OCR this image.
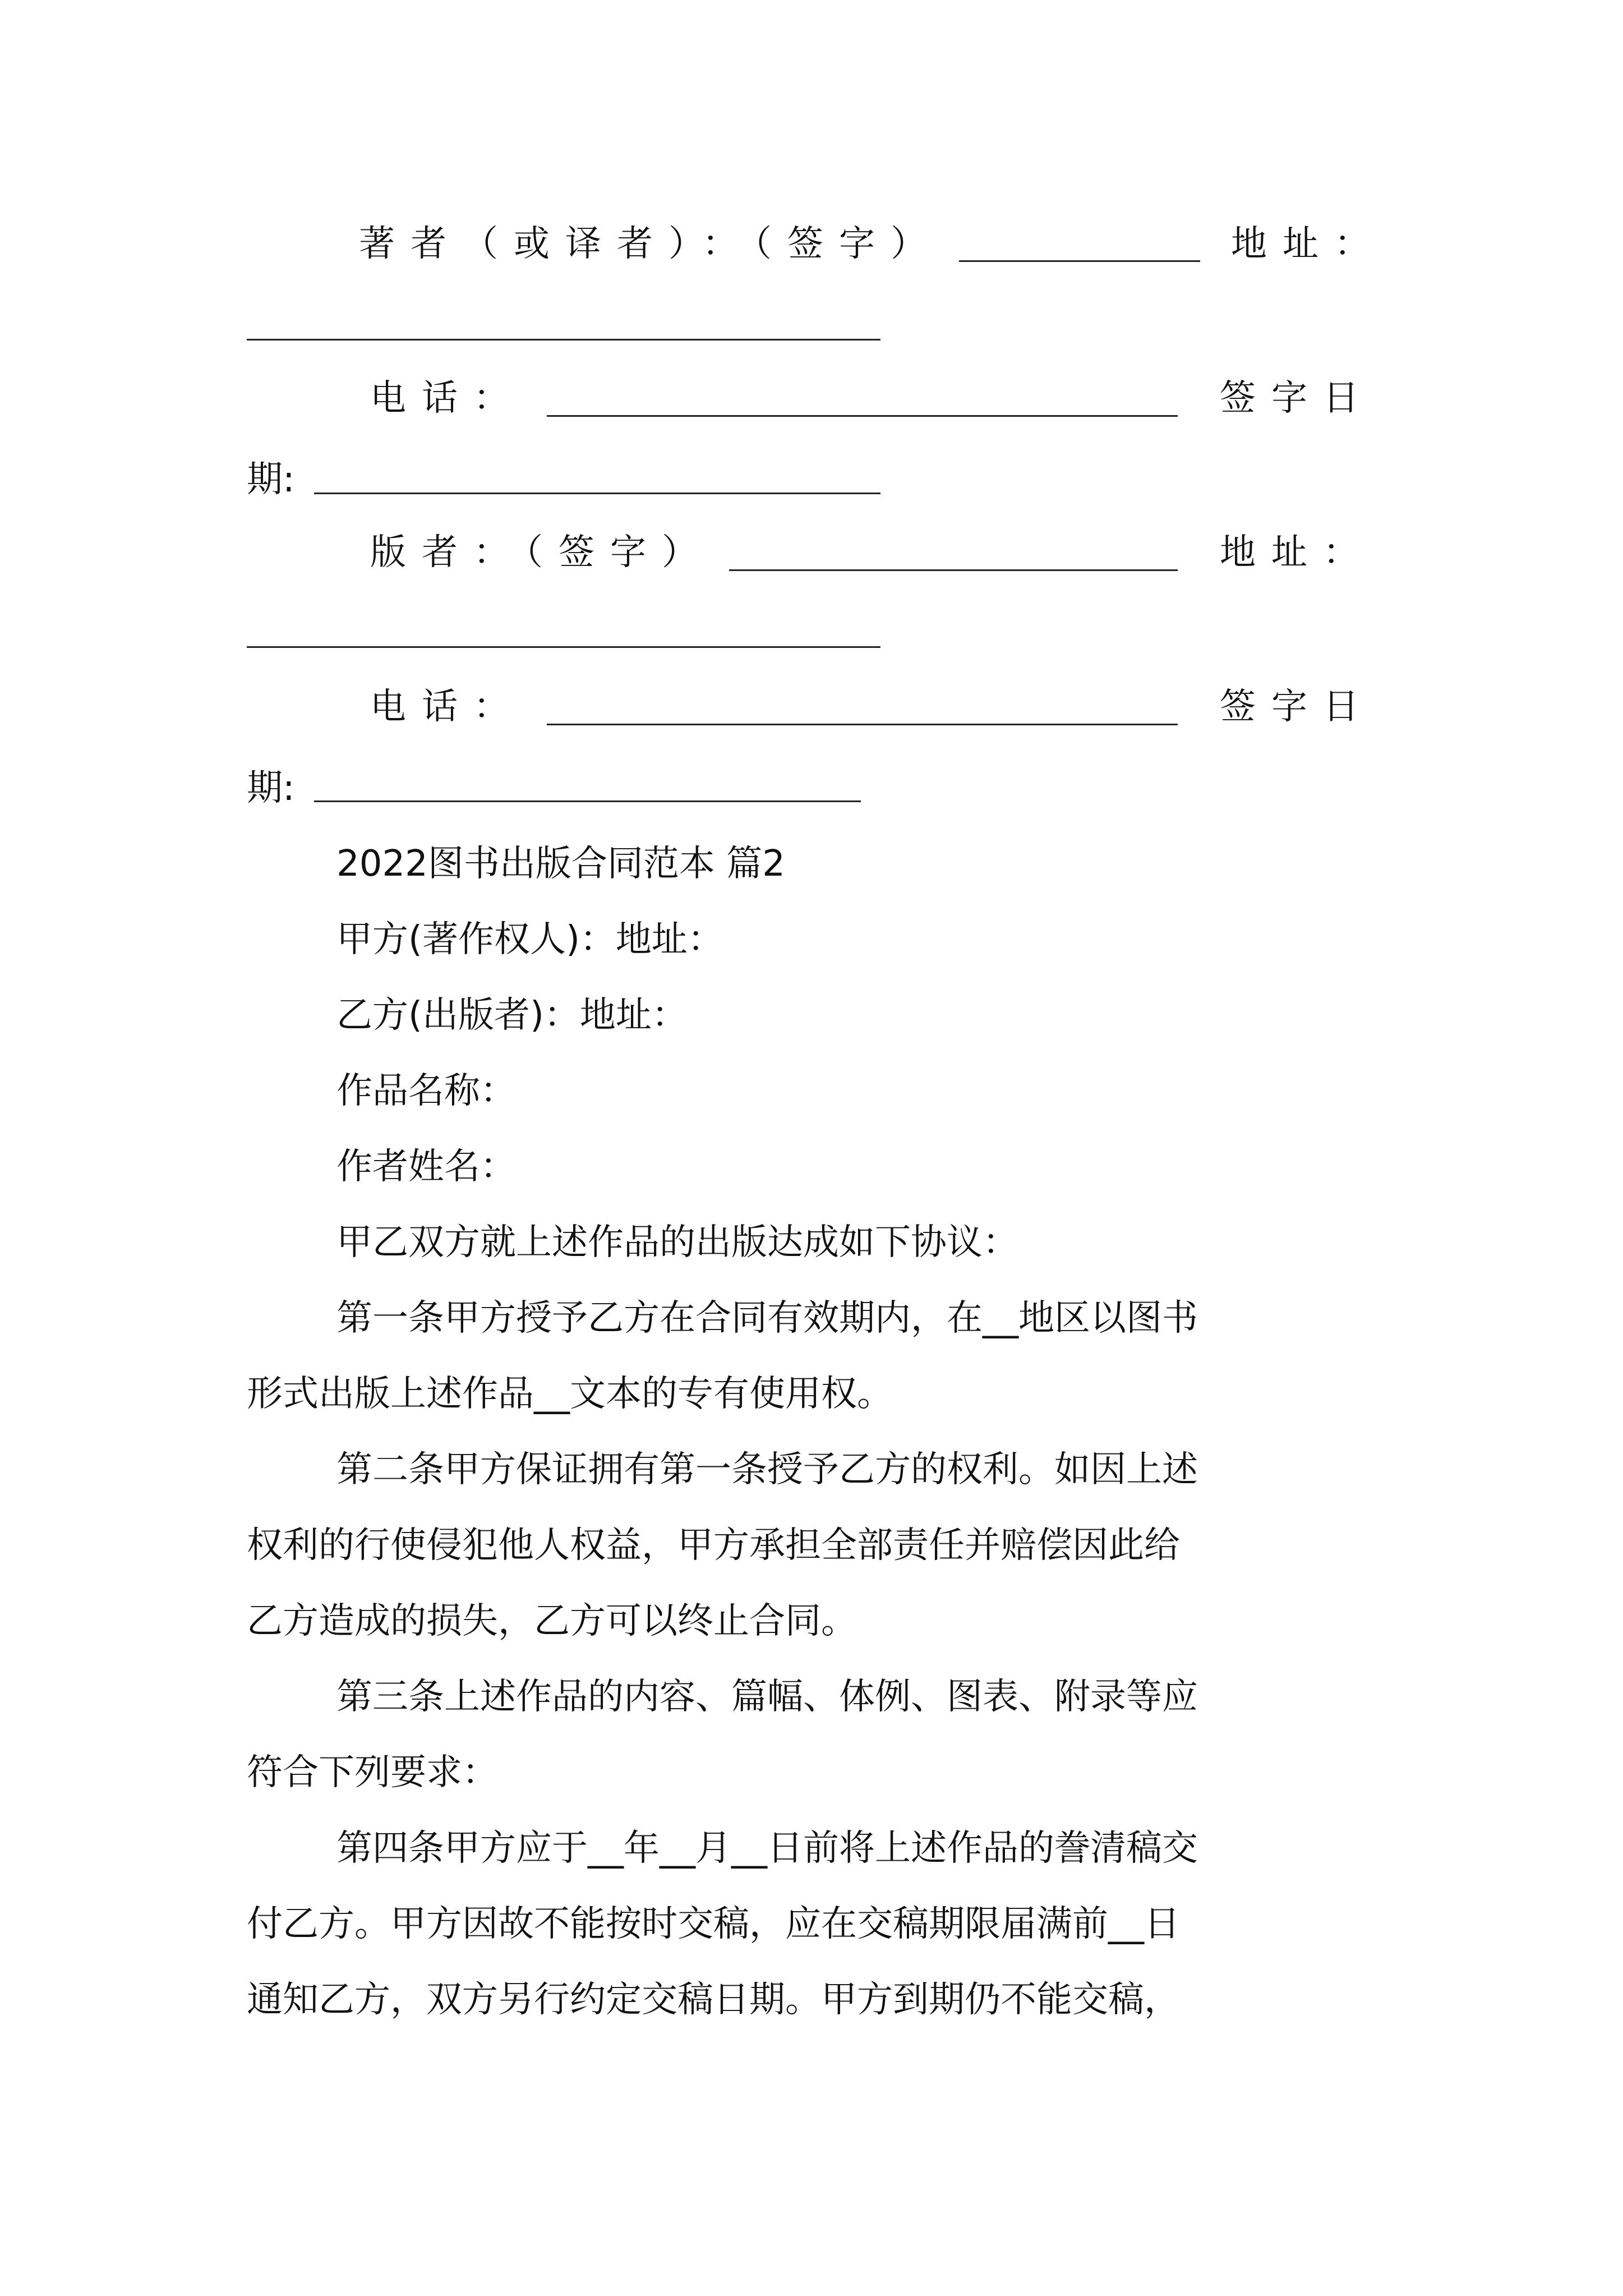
著者（或译者）：（签字）	地址：
电话：	签字日
期:
版者：（签字）	地址：
电话：	签字日
期:
2022图书出版合同范本 篇2
甲方(著作权人)：地址：
乙方(出版者)：地址：
作品名称：
作者姓名：
甲乙双方就上述作品的出版达成如下协议：
第一条甲方授予乙方在合同有效期内，在__地区以图书
形式出版上述作品__文本的专有使用权。
第二条甲方保证拥有第一条授予乙方的权利。如因上述
权利的行使侵犯他人权益，甲方承担全部责任并赔偿因此给
乙方造成的损失，乙方可以终止合同。
第三条上述作品的内容、篇幅、体例、图表、附录等应
符合下列要求：
第四条甲方应于__年__月__日前将上述作品的誊清稿交
付乙方。甲方因故不能按时交稿，应在交稿期限届满前__日
通知乙方，双方另行约定交稿日期。甲方到期仍不能交稿，
